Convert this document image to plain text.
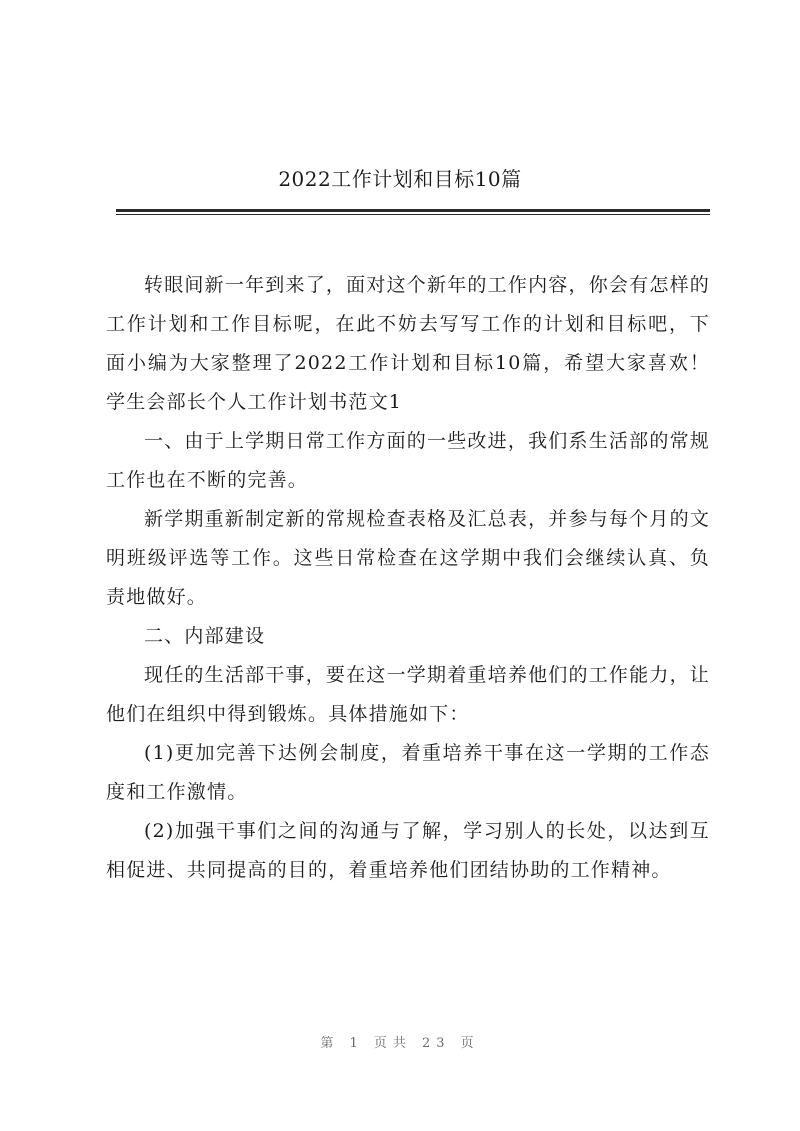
2022工作计划和目标10篇

转眼间新一年到来了，面对这个新年的工作内容，你会有怎样的工作计划和工作目标呢，在此不妨去写写工作的计划和目标吧，下面小编为大家整理了2022工作计划和目标10篇，希望大家喜欢！学生会部长个人工作计划书范文1

一、由于上学期日常工作方面的一些改进，我们系生活部的常规工作也在不断的完善。

新学期重新制定新的常规检查表格及汇总表，并参与每个月的文明班级评选等工作。这些日常检查在这学期中我们会继续认真、负责地做好。

二、内部建设

现任的生活部干事，要在这一学期着重培养他们的工作能力，让他们在组织中得到锻炼。具体措施如下：

(1)更加完善下达例会制度，着重培养干事在这一学期的工作态度和工作激情。

(2)加强干事们之间的沟通与了解，学习别人的长处，以达到互相促进、共同提高的目的，着重培养他们团结协助的工作精神。

第 1 页共 23 页
